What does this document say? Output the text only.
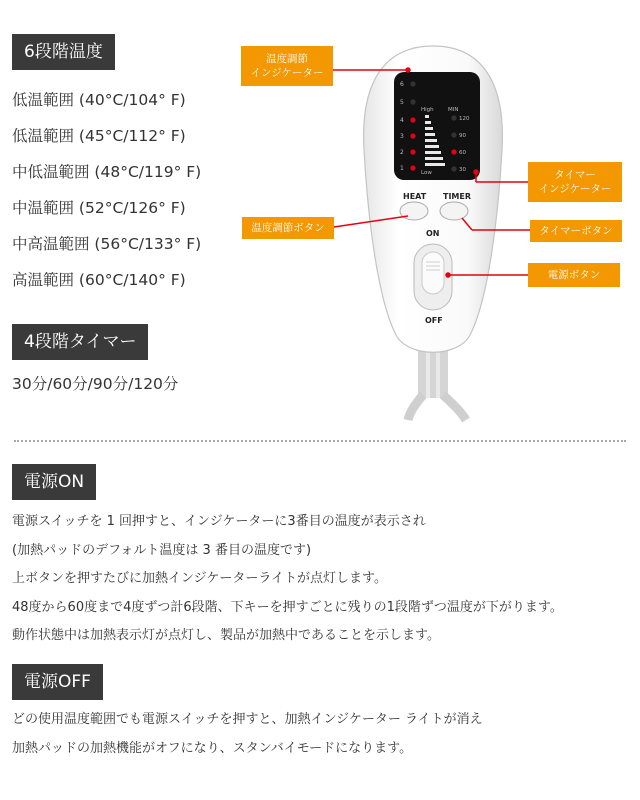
6段階温度
低温範囲 (40°C/104° F)
低温範囲 (45°C/112° F)
中低温範囲 (48°C/119° F)
中温範囲 (52°C/126° F)
中高温範囲 (56°C/133° F)
高温範囲 (60°C/140° F)
4段階タイマー
30分/60分/90分/120分
6
5
4
3
2
1
High
Low
MIN
120
90
60
30
HEAT TIMER
ON
OFF
温度調節
インジケーター
タイマー
インジケーター
温度調節ボタン	タイマーボタン
電源ボタン
電源ON
電源スイッチを 1 回押すと、インジケーターに3番目の温度が表示され
(加熱パッドのデフォルト温度は 3 番目の温度です)
上ボタンを押すたびに加熱インジケーターライトが点灯します。
48度から60度まで4度ずつ計6段階、下キーを押すごとに残りの1段階ずつ温度が下がります。
動作状態中は加熱表示灯が点灯し、製品が加熱中であることを示します。
電源OFF
どの使用温度範囲でも電源スイッチを押すと、加熱インジケーター ライトが消え
加熱パッドの加熱機能がオフになり、スタンバイモードになります。
